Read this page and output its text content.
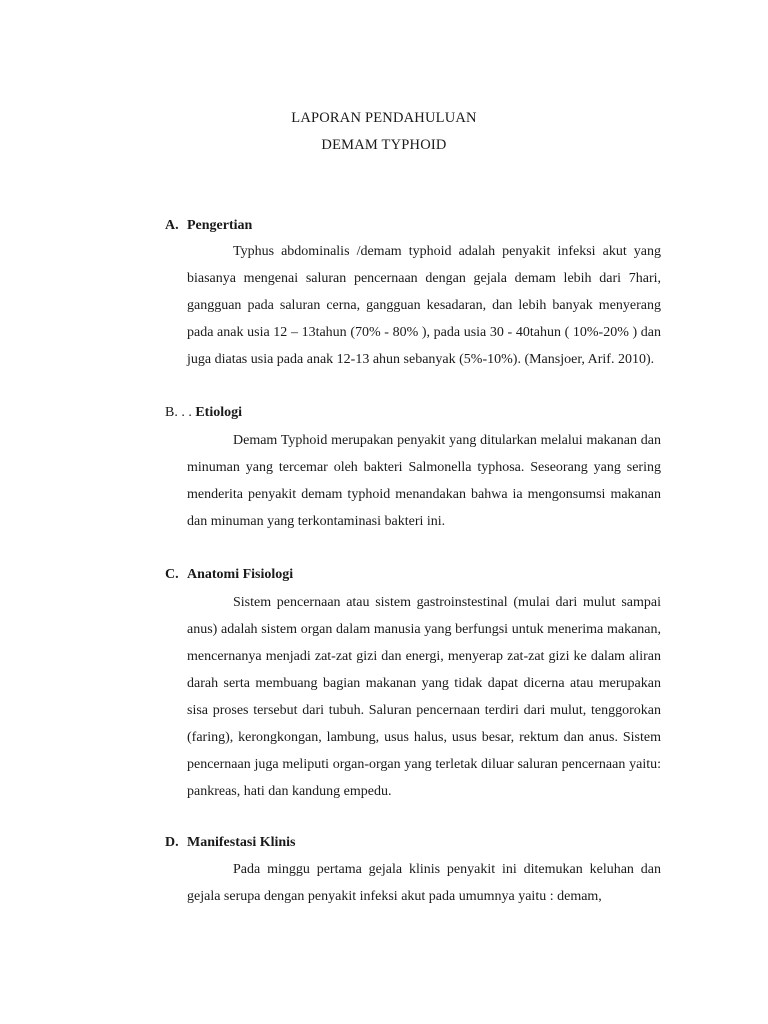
LAPORAN PENDAHULUAN
DEMAM TYPHOID
A. Pengertian
Typhus abdominalis /demam typhoid adalah penyakit infeksi akut yang biasanya mengenai saluran pencernaan dengan gejala demam lebih dari 7hari, gangguan pada saluran cerna, gangguan kesadaran, dan lebih banyak menyerang pada anak usia 12 – 13tahun (70% - 80% ), pada usia 30 - 40tahun ( 10%-20% ) dan juga diatas usia pada anak 12-13 ahun sebanyak (5%-10%). (Mansjoer, Arif. 2010).
B. . . Etiologi
Demam Typhoid merupakan penyakit yang ditularkan melalui makanan dan minuman yang tercemar oleh bakteri Salmonella typhosa. Seseorang yang sering menderita penyakit demam typhoid menandakan bahwa ia mengonsumsi makanan dan minuman yang terkontaminasi bakteri ini.
C. Anatomi Fisiologi
Sistem pencernaan atau sistem gastroinstestinal (mulai dari mulut sampai anus) adalah sistem organ dalam manusia yang berfungsi untuk menerima makanan, mencernanya menjadi zat-zat gizi dan energi, menyerap zat-zat gizi ke dalam aliran darah serta membuang bagian makanan yang tidak dapat dicerna atau merupakan sisa proses tersebut dari tubuh. Saluran pencernaan terdiri dari mulut, tenggorokan (faring), kerongkongan, lambung, usus halus, usus besar, rektum dan anus. Sistem pencernaan juga meliputi organ-organ yang terletak diluar saluran pencernaan yaitu: pankreas, hati dan kandung empedu.
D. Manifestasi Klinis
Pada minggu pertama gejala klinis penyakit ini ditemukan keluhan dan gejala serupa dengan penyakit infeksi akut pada umumnya yaitu : demam,
